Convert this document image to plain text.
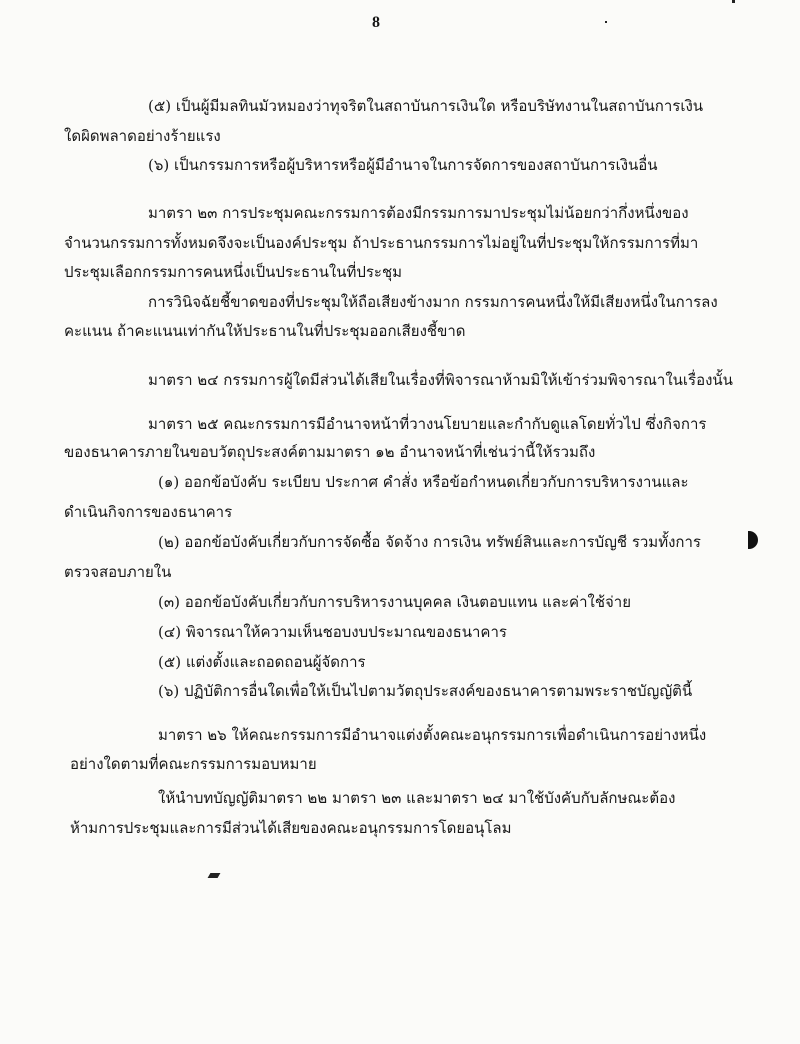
8
(๕) เป็นผู้มีมลทินมัวหมองว่าทุจริตในสถาบันการเงินใด หรือบริษัทงานในสถาบันการเงิน
ใดผิดพลาดอย่างร้ายแรง
(๖) เป็นกรรมการหรือผู้บริหารหรือผู้มีอำนาจในการจัดการของสถาบันการเงินอื่น
มาตรา ๒๓ การประชุมคณะกรรมการต้องมีกรรมการมาประชุมไม่น้อยกว่ากึ่งหนึ่งของ
จำนวนกรรมการทั้งหมดจึงจะเป็นองค์ประชุม ถ้าประธานกรรมการไม่อยู่ในที่ประชุมให้กรรมการที่มา
ประชุมเลือกกรรมการคนหนึ่งเป็นประธานในที่ประชุม
การวินิจฉัยชี้ขาดของที่ประชุมให้ถือเสียงข้างมาก กรรมการคนหนึ่งให้มีเสียงหนึ่งในการลง
คะแนน ถ้าคะแนนเท่ากันให้ประธานในที่ประชุมออกเสียงชี้ขาด
มาตรา ๒๔ กรรมการผู้ใดมีส่วนได้เสียในเรื่องที่พิจารณาห้ามมิให้เข้าร่วมพิจารณาในเรื่องนั้น
มาตรา ๒๕ คณะกรรมการมีอำนาจหน้าที่วางนโยบายและกำกับดูแลโดยทั่วไป ซึ่งกิจการ
ของธนาคารภายในขอบวัตถุประสงค์ตามมาตรา ๑๒ อำนาจหน้าที่เช่นว่านี้ให้รวมถึง
(๑) ออกข้อบังคับ ระเบียบ ประกาศ คำสั่ง หรือข้อกำหนดเกี่ยวกับการบริหารงานและ
ดำเนินกิจการของธนาคาร
(๒) ออกข้อบังคับเกี่ยวกับการจัดซื้อ จัดจ้าง การเงิน ทรัพย์สินและการบัญชี รวมทั้งการ
ตรวจสอบภายใน
(๓) ออกข้อบังคับเกี่ยวกับการบริหารงานบุคคล เงินตอบแทน และค่าใช้จ่าย
(๔) พิจารณาให้ความเห็นชอบงบประมาณของธนาคาร
(๕) แต่งตั้งและถอดถอนผู้จัดการ
(๖) ปฏิบัติการอื่นใดเพื่อให้เป็นไปตามวัตถุประสงค์ของธนาคารตามพระราชบัญญัตินี้
มาตรา ๒๖ ให้คณะกรรมการมีอำนาจแต่งตั้งคณะอนุกรรมการเพื่อดำเนินการอย่างหนึ่ง
อย่างใดตามที่คณะกรรมการมอบหมาย
ให้นำบทบัญญัติมาตรา ๒๒ มาตรา ๒๓ และมาตรา ๒๔ มาใช้บังคับกับลักษณะต้อง
ห้ามการประชุมและการมีส่วนได้เสียของคณะอนุกรรมการโดยอนุโลม
